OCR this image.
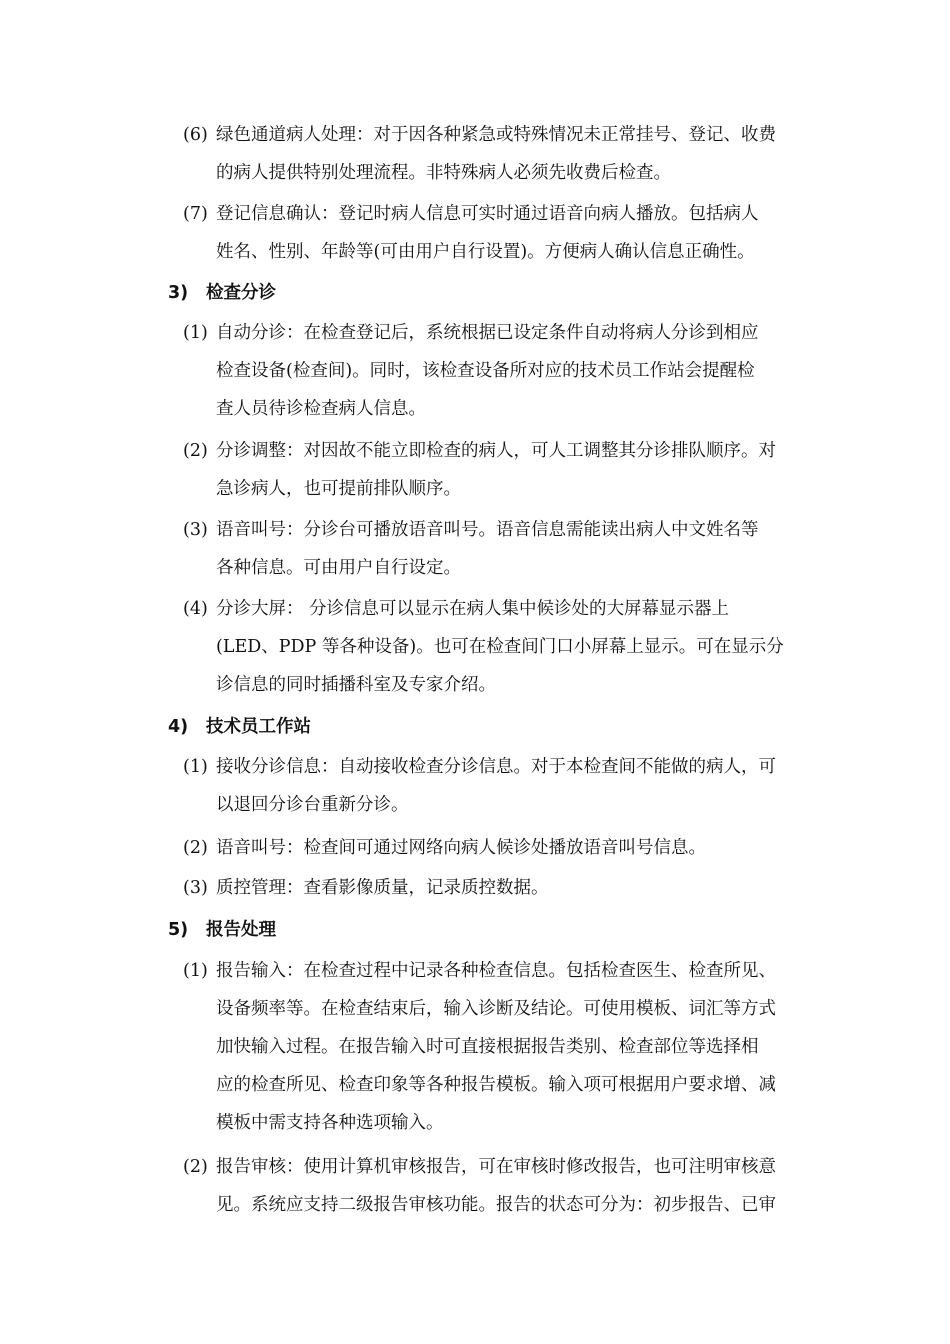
(6) 绿色通道病人处理：对于因各种紧急或特殊情况未正常挂号、登记、收费
的病人提供特别处理流程。非特殊病人必须先收费后检查。
(7) 登记信息确认：登记时病人信息可实时通过语音向病人播放。包括病人
姓名、性别、年龄等(可由用户自行设置)。方便病人确认信息正确性。
3) 检查分诊
(1) 自动分诊：在检查登记后，系统根据已设定条件自动将病人分诊到相应
检查设备(检查间)。同时，该检查设备所对应的技术员工作站会提醒检
查人员待诊检查病人信息。
(2) 分诊调整：对因故不能立即检查的病人，可人工调整其分诊排队顺序。对
急诊病人，也可提前排队顺序。
(3) 语音叫号：分诊台可播放语音叫号。语音信息需能读出病人中文姓名等
各种信息。可由用户自行设定。
(4) 分诊大屏： 分诊信息可以显示在病人集中候诊处的大屏幕显示器上
(LED、PDP 等各种设备)。也可在检查间门口小屏幕上显示。可在显示分
诊信息的同时插播科室及专家介绍。
4) 技术员工作站
(1) 接收分诊信息：自动接收检查分诊信息。对于本检查间不能做的病人，可
以退回分诊台重新分诊。
(2) 语音叫号：检查间可通过网络向病人候诊处播放语音叫号信息。
(3) 质控管理：查看影像质量，记录质控数据。
5) 报告处理
(1) 报告输入：在检查过程中记录各种检查信息。包括检查医生、检查所见、
设备频率等。在检查结束后，输入诊断及结论。可使用模板、词汇等方式
加快输入过程。在报告输入时可直接根据报告类别、检查部位等选择相
应的检查所见、检查印象等各种报告模板。输入项可根据用户要求增、减
模板中需支持各种选项输入。
(2) 报告审核：使用计算机审核报告，可在审核时修改报告，也可注明审核意
见。系统应支持二级报告审核功能。报告的状态可分为：初步报告、已审
